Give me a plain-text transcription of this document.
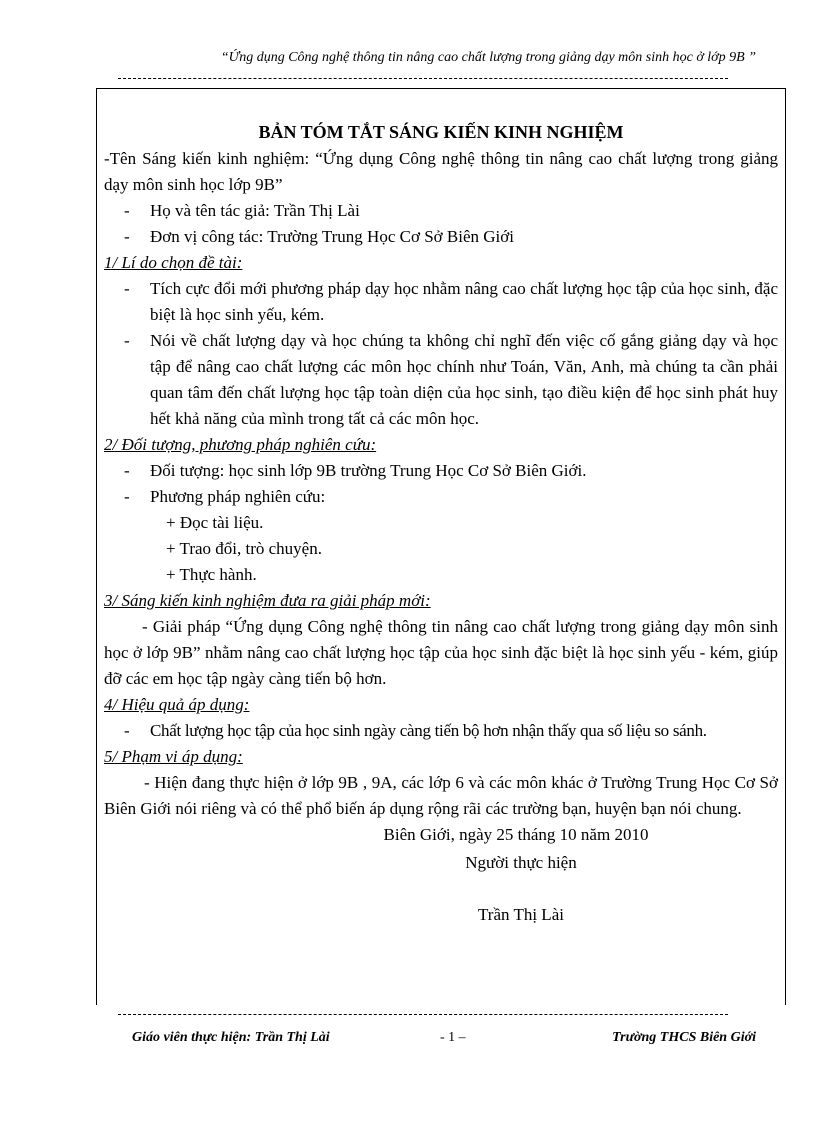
“Ứng dụng Công nghệ thông tin nâng cao chất lượng trong giảng dạy môn sinh học ở lớp 9B ”

BẢN TÓM TẮT SÁNG KIẾN KINH NGHIỆM

-Tên Sáng kiến kinh nghiệm: “Ứng dụng Công nghệ thông tin nâng cao chất lượng trong giảng dạy môn sinh học lớp 9B”

- Họ và tên tác giả: Trần Thị Lài
- Đơn vị công tác: Trường Trung Học Cơ Sở Biên Giới

1/ Lí do chọn đề tài:

- Tích cực đổi mới phương pháp dạy học nhằm nâng cao chất lượng học tập của học sinh, đặc biệt là học sinh yếu, kém.
- Nói về chất lượng dạy và học chúng ta không chỉ nghĩ đến việc cố gắng giảng dạy và học tập để nâng cao chất lượng các môn học chính như Toán, Văn, Anh, mà chúng ta cần phải quan tâm đến chất lượng học tập toàn diện của học sinh, tạo điều kiện để học sinh phát huy hết khả năng của mình trong tất cả các môn học.

2/ Đối tượng, phương pháp nghiên cứu:

- Đối tượng: học sinh lớp 9B trường Trung Học Cơ Sở Biên Giới.
- Phương pháp nghiên cứu:

+ Đọc tài liệu.

+ Trao đổi, trò chuyện.

+ Thực hành.

3/ Sáng kiến kinh nghiệm đưa ra giải pháp mới:

- Giải pháp “Ứng dụng Công nghệ thông tin nâng cao chất lượng trong giảng dạy môn sinh học ở lớp 9B” nhằm nâng cao chất lượng học tập của học sinh đặc biệt là học sinh yếu - kém, giúp đỡ các em học tập ngày càng tiến bộ hơn.

4/ Hiệu quả áp dụng:

- Chất lượng học tập của học sinh ngày càng tiến bộ hơn nhận thấy qua số liệu so sánh.

5/ Phạm vi áp dụng:

- Hiện đang thực hiện ở lớp 9B , 9A, các lớp 6 và các môn khác ở Trường Trung Học Cơ Sở Biên Giới nói riêng và có thể phổ biến áp dụng rộng rãi các trường bạn, huyện bạn nói chung.

Biên Giới, ngày 25 tháng 10 năm 2010

Người thực hiện

Trần Thị Lài

Giáo viên thực hiện: Trần Thị Lài	- 1 –	Trường THCS Biên Giới
